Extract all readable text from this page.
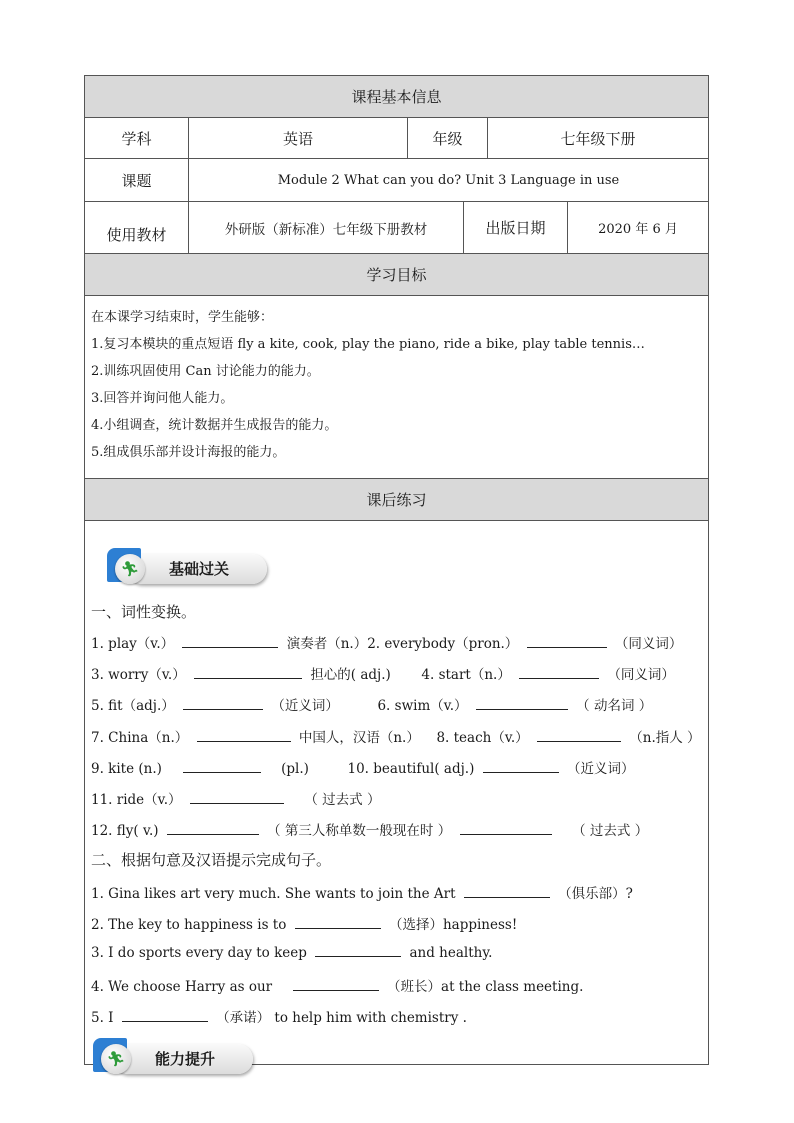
课程基本信息
学科	英语	年级	七年级下册
课题	Module 2 What can you do? Unit 3 Language in use
使用教材	外研版（新标准）七年级下册教材	出版日期	2020 年 6 月
学习目标
在本课学习结束时，学生能够：
1.复习本模块的重点短语 fly a kite, cook, play the piano, ride a bike, play table tennis…
2.训练巩固使用 Can 讨论能力的能力。
3.回答并询问他人能力。
4.小组调查，统计数据并生成报告的能力。
5.组成俱乐部并设计海报的能力。
课后练习
🏃︎	基础过关
一、词性变换。
1. play（v.）	演奏者（n.）2. everybody（pron.）	（同义词）
3. worry（v.）	担心的( adj.) 4. start（n.）	（同义词）
5. fit（adj.）	（近义词）	6. swim（v.）	（ 动名词 ）
7. China（n.）	中国人，汉语（n.） 8. teach（v.）	（n.指人 ）
9. kite (n.)	(pl.)	10. beautiful( adj.)	（近义词）
11. ride（v.）	（ 过去式 ）
12. fly( v.)	（ 第三人称单数一般现在时 ）	（ 过去式 ）
二、根据句意及汉语提示完成句子。
1. Gina likes art very much. She wants to join the Art	（俱乐部）?
2. The key to happiness is to	（选择）happiness!
3. I do sports every day to keep	and healthy.
4. We choose Harry as our	（班长）at the class meeting.
5. I	（承诺） to help him with chemistry .
🏃︎	能力提升
